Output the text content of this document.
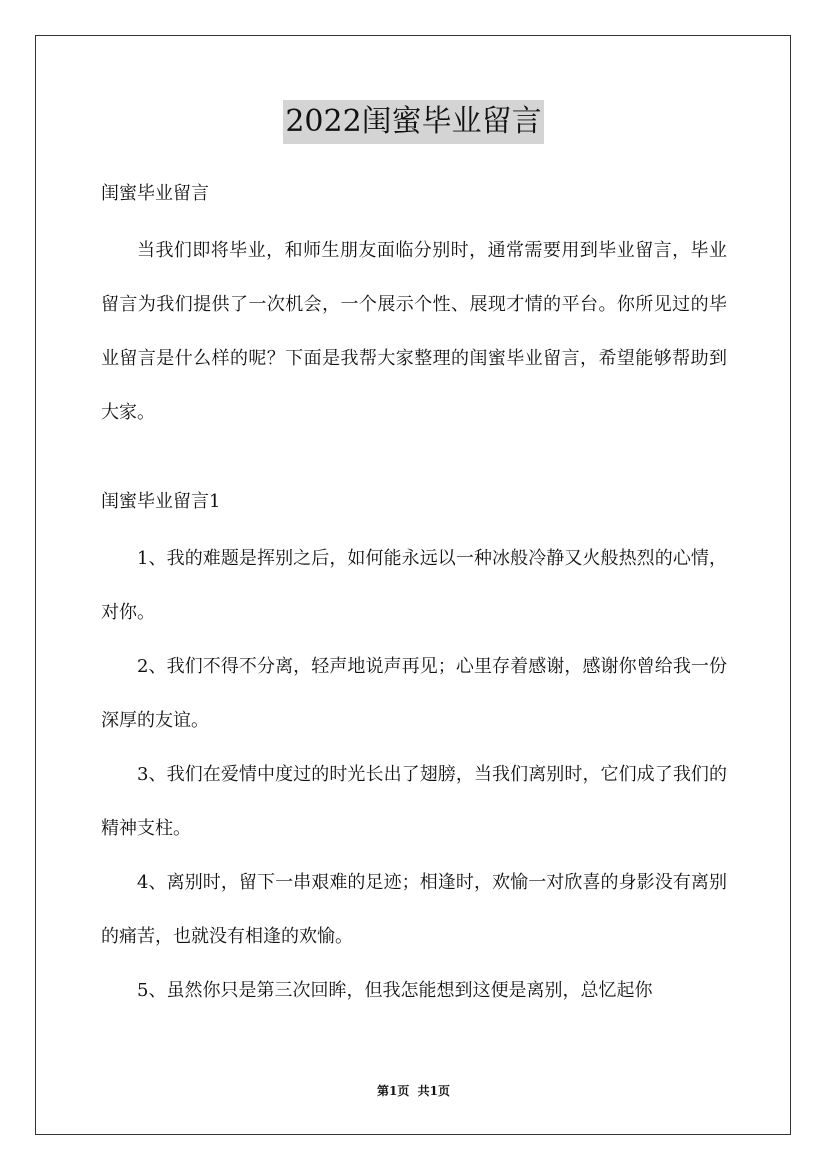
2022闺蜜毕业留言

闺蜜毕业留言

当我们即将毕业，和师生朋友面临分别时，通常需要用到毕业留言，毕业留言为我们提供了一次机会，一个展示个性、展现才情的平台。你所见过的毕业留言是什么样的呢？下面是我帮大家整理的闺蜜毕业留言，希望能够帮助到大家。

闺蜜毕业留言1

1、我的难题是挥别之后，如何能永远以一种冰般冷静又火般热烈的心情，对你。

2、我们不得不分离，轻声地说声再见；心里存着感谢，感谢你曾给我一份深厚的友谊。

3、我们在爱情中度过的时光长出了翅膀，当我们离别时，它们成了我们的精神支柱。

4、离别时，留下一串艰难的足迹；相逢时，欢愉一对欣喜的身影没有离别的痛苦，也就没有相逢的欢愉。

5、虽然你只是第三次回眸，但我怎能想到这便是离别，总忆起你

第1页  共1页
